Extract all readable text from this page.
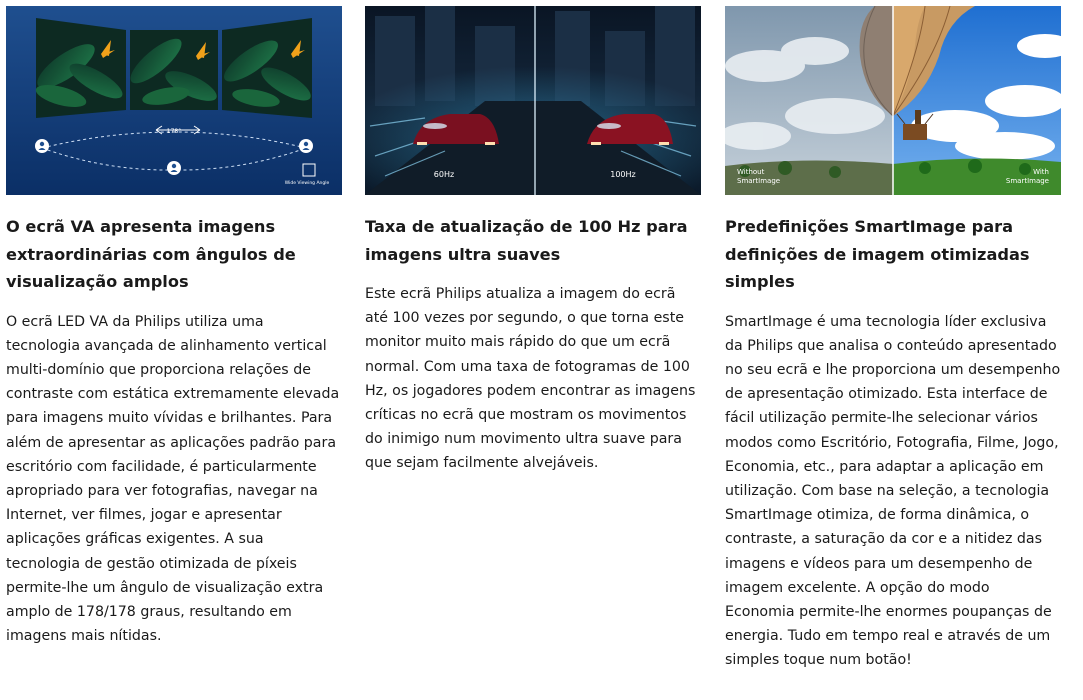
178°
Wide Viewing Angle
O ecrã VA apresenta imagens extraordinárias com ângulos de visualização amplos
O ecrã LED VA da Philips utiliza uma tecnologia avançada de alinhamento vertical multi-domínio que proporciona relações de contraste com estática extremamente elevada para imagens muito vívidas e brilhantes. Para além de apresentar as aplicações padrão para escritório com facilidade, é particularmente apropriado para ver fotografias, navegar na Internet, ver filmes, jogar e apresentar aplicações gráficas exigentes. A sua tecnologia de gestão otimizada de píxeis permite-lhe um ângulo de visualização extra amplo de 178/178 graus, resultando em imagens mais nítidas.
60Hz	100Hz
Taxa de atualização de 100 Hz para imagens ultra suaves
Este ecrã Philips atualiza a imagem do ecrã até 100 vezes por segundo, o que torna este monitor muito mais rápido do que um ecrã normal. Com uma taxa de fotogramas de 100 Hz, os jogadores podem encontrar as imagens críticas no ecrã que mostram os movimentos do inimigo num movimento ultra suave para que sejam facilmente alvejáveis.
Without SmartImage
With SmartImage
Predefinições SmartImage para definições de imagem otimizadas simples
SmartImage é uma tecnologia líder exclusiva da Philips que analisa o conteúdo apresentado no seu ecrã e lhe proporciona um desempenho de apresentação otimizado. Esta interface de fácil utilização permite-lhe selecionar vários modos como Escritório, Fotografia, Filme, Jogo, Economia, etc., para adaptar a aplicação em utilização. Com base na seleção, a tecnologia SmartImage otimiza, de forma dinâmica, o contraste, a saturação da cor e a nitidez das imagens e vídeos para um desempenho de imagem excelente. A opção do modo Economia permite-lhe enormes poupanças de energia. Tudo em tempo real e através de um simples toque num botão!
